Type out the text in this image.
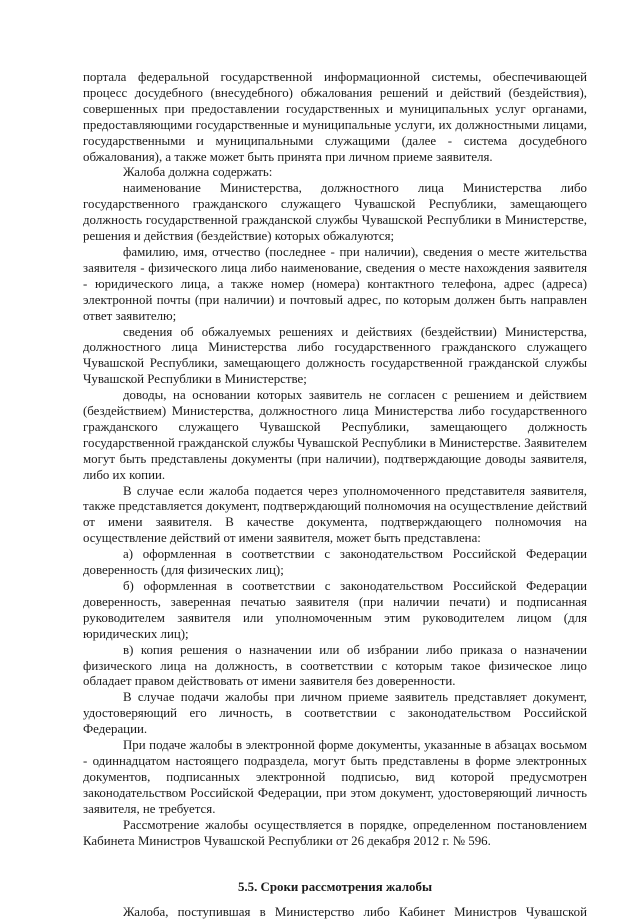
портала федеральной государственной информационной системы, обеспечивающей процесс досудебного (внесудебного) обжалования решений и действий (бездействия), совершенных при предоставлении государственных и муниципальных услуг органами, предоставляющими государственные и муниципальные услуги, их должностными лицами, государственными и муниципальными служащими (далее - система досудебного обжалования), а также может быть принята при личном приеме заявителя.

Жалоба должна содержать:

наименование Министерства, должностного лица Министерства либо государственного гражданского служащего Чувашской Республики, замещающего должность государственной гражданской службы Чувашской Республики в Министерстве, решения и действия (бездействие) которых обжалуются;

фамилию, имя, отчество (последнее - при наличии), сведения о месте жительства заявителя - физического лица либо наименование, сведения о месте нахождения заявителя - юридического лица, а также номер (номера) контактного телефона, адрес (адреса) электронной почты (при наличии) и почтовый адрес, по которым должен быть направлен ответ заявителю;

сведения об обжалуемых решениях и действиях (бездействии) Министерства, должностного лица Министерства либо государственного гражданского служащего Чувашской Республики, замещающего должность государственной гражданской службы Чувашской Республики в Министерстве;

доводы, на основании которых заявитель не согласен с решением и действием (бездействием) Министерства, должностного лица Министерства либо государственного гражданского служащего Чувашской Республики, замещающего должность государственной гражданской службы Чувашской Республики в Министерстве. Заявителем могут быть представлены документы (при наличии), подтверждающие доводы заявителя, либо их копии.

В случае если жалоба подается через уполномоченного представителя заявителя, также представляется документ, подтверждающий полномочия на осуществление действий от имени заявителя. В качестве документа, подтверждающего полномочия на осуществление действий от имени заявителя, может быть представлена:

а) оформленная в соответствии с законодательством Российской Федерации доверенность (для физических лиц);

б) оформленная в соответствии с законодательством Российской Федерации доверенность, заверенная печатью заявителя (при наличии печати) и подписанная руководителем заявителя или уполномоченным этим руководителем лицом (для юридических лиц);

в) копия решения о назначении или об избрании либо приказа о назначении физического лица на должность, в соответствии с которым такое физическое лицо обладает правом действовать от имени заявителя без доверенности.

В случае подачи жалобы при личном приеме заявитель представляет документ, удостоверяющий его личность, в соответствии с законодательством Российской Федерации.

При подаче жалобы в электронной форме документы, указанные в абзацах восьмом - одиннадцатом настоящего подраздела, могут быть представлены в форме электронных документов, подписанных электронной подписью, вид которой предусмотрен законодательством Российской Федерации, при этом документ, удостоверяющий личность заявителя, не требуется.

Рассмотрение жалобы осуществляется в порядке, определенном постановлением Кабинета Министров Чувашской Республики от 26 декабря 2012 г. № 596.

5.5. Сроки рассмотрения жалобы

Жалоба, поступившая в Министерство либо Кабинет Министров Чувашской
